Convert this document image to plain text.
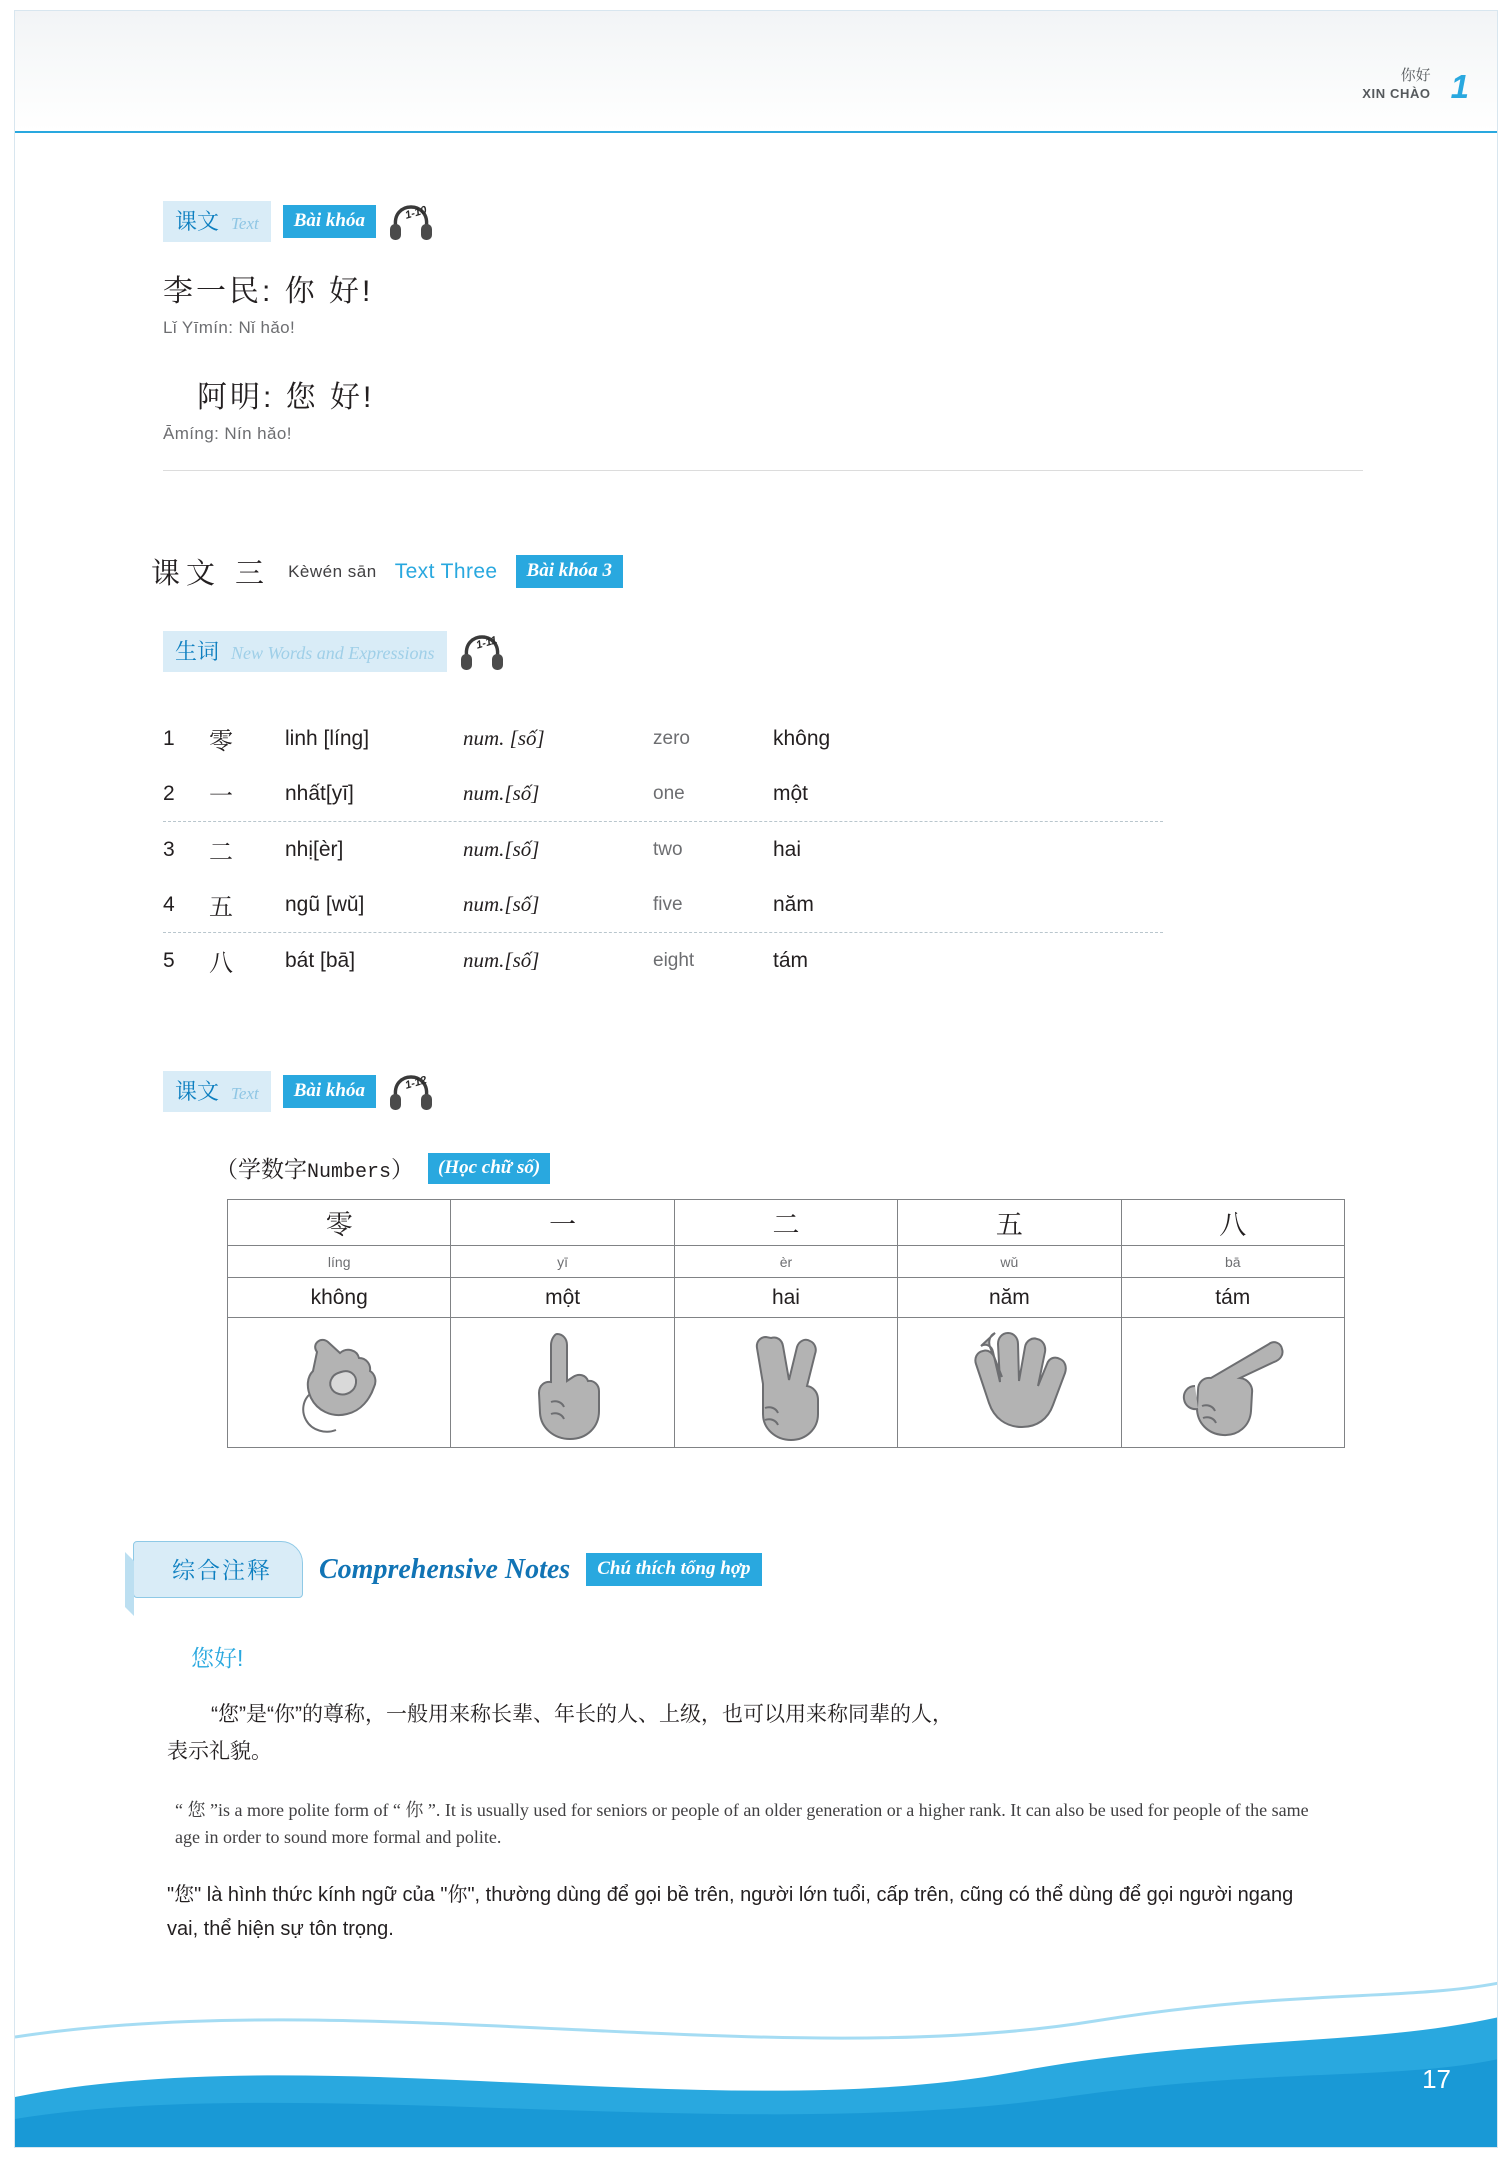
你好
XIN CHÀO 1
课文 Text	Bài khóa	1-10
李一民: 你 好!
Lǐ Yīmín: Nǐ hǎo!
阿明: 您 好!
Āmíng: Nín hǎo!
课文 三 Kèwén sān Text Three	Bài khóa 3
生词 New Words and Expressions
1-11
1	零	linh [líng]	num. [số]	zero	không
2	一	nhất[yī]	num.[số]	one	một
3	二	nhị[èr]	num.[số]	two	hai
4	五	ngũ [wǔ]	num.[số]	five	năm
5	八	bát [bā]	num.[số]	eight	tám
课文 Text	Bài khóa	1-12
（学数字Numbers）	(Học chữ số)
零	一	二	五	八
líng	yī	èr	wǔ	bā
không	một	hai	năm	tám

综合注释	Comprehensive Notes	Chú thích tổng hợp
您好!
“您”是“你”的尊称，一般用来称长辈、年长的人、上级，也可以用来称同辈的人，
表示礼貌。
“ 您 ”is a more polite form of “ 你 ”. It is usually used for seniors or people of an older generation or a higher rank. It can also be used for people of the same age in order to sound more formal and polite.
"您" là hình thức kính ngữ của "你", thường dùng để gọi bề trên, người lớn tuổi, cấp trên, cũng có thể dùng để gọi người ngang vai, thể hiện sự tôn trọng.
17
